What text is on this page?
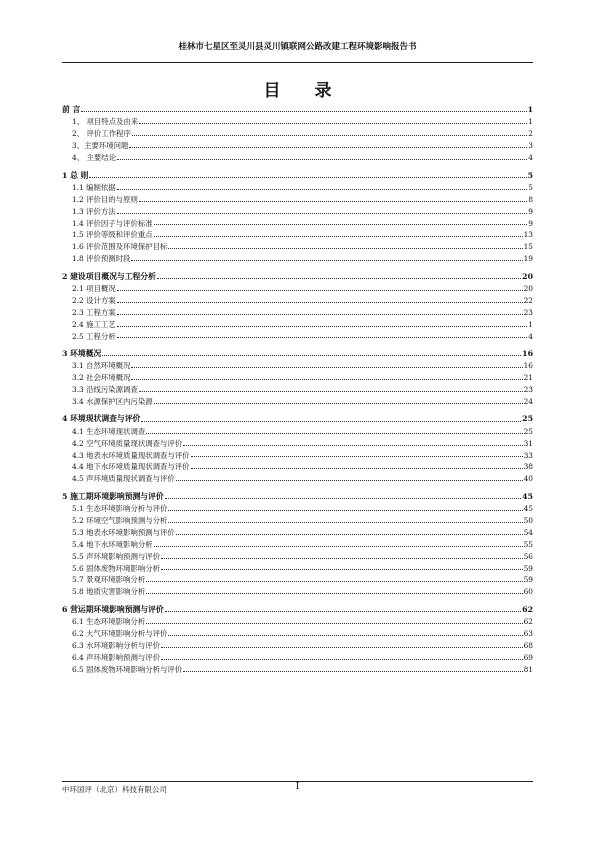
桂林市七星区至灵川县灵川镇联网公路改建工程环境影响报告书
目 录
前 言	1
1、 项目特点及由来	1
2、 评价工作程序	2
3、主要环境问题	3
4、 主要结论	4
1 总 则	5
1.1 编制依据	5
1.2 评价目的与原则	8
1.3 评价方法	9
1.4 评价因子与评价标准	9
1.5 评价等级和评价重点	13
1.6 评价范围及环境保护目标	15
1.8 评价预测时段	19
2 建设项目概况与工程分析	20
2.1 项目概况	20
2.2 设计方案	22
2.3 工程方案	23
2.4 施工工艺	1
2.5 工程分析	4
3 环境概况	16
3.1 自然环境概况	16
3.2 社会环境概况	21
3.3 沿线污染源调查	23
3.4 水源保护区内污染源	24
4 环境现状调查与评价	25
4.1 生态环境现状调查	25
4.2 空气环境质量现状调查与评价	31
4.3 地表水环境质量现状调查与评价	33
4.4 地下水环境质量现状调查与评价	38
4.5 声环境质量现状调查与评价	40
5 施工期环境影响预测与评价	45
5.1 生态环境影响分析与评价	45
5.2 环境空气影响预测与分析	50
5.3 地表水环境影响预测与评价	54
5.4 地下水环境影响分析	55
5.5 声环境影响预测与评价	56
5.6 固体废物环境影响分析	59
5.7 景观环境影响分析	59
5.8 地质灾害影响分析	60
6 营运期环境影响预测与评价	62
6.1 生态环境影响分析	62
6.2 大气环境影响分析与评价	63
6.3 水环境影响分析与评价	68
6.4 声环境影响预测与评价	69
6.5 固体废物环境影响分析与评价	81
中环国评（北京）科技有限公司	I
